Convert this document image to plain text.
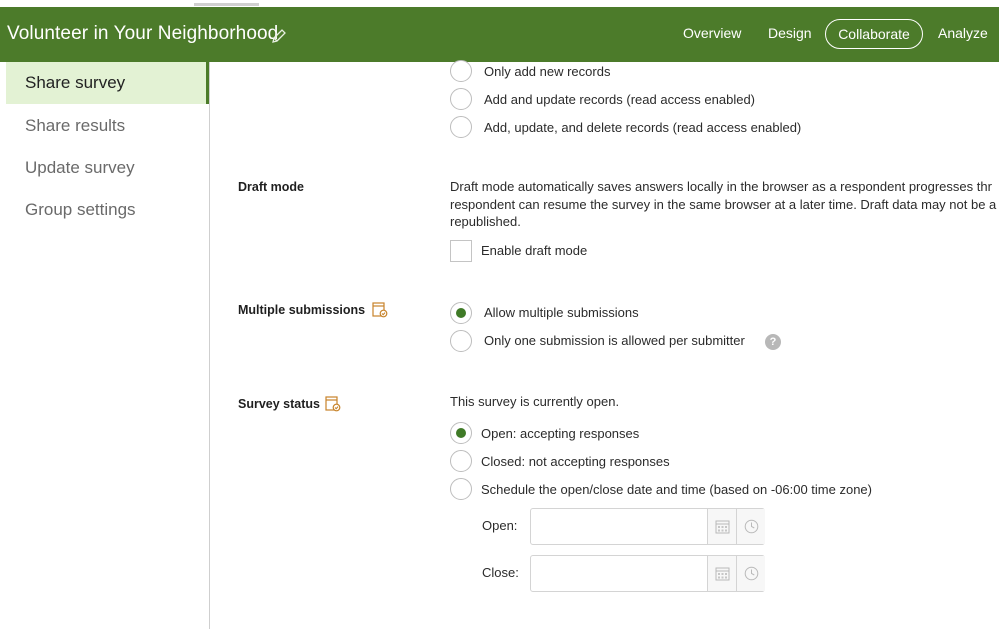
Volunteer in Your Neighborhood	Overview Design	Collaborate	Analyze
Share survey
Share results
Update survey
Group settings
Only add new records
Add and update records (read access enabled)
Add, update, and delete records (read access enabled)
Draft mode	Draft mode automatically saves answers locally in the browser as a respondent progresses thr
respondent can resume the survey in the same browser at a later time. Draft data may not be a
republished.
Enable draft mode
Multiple submissions	Allow multiple submissions
Only one submission is allowed per submitter	?
Survey status	This survey is currently open.
Open: accepting responses
Closed: not accepting responses
Schedule the open/close date and time (based on -06:00 time zone)
Open:
Close:
